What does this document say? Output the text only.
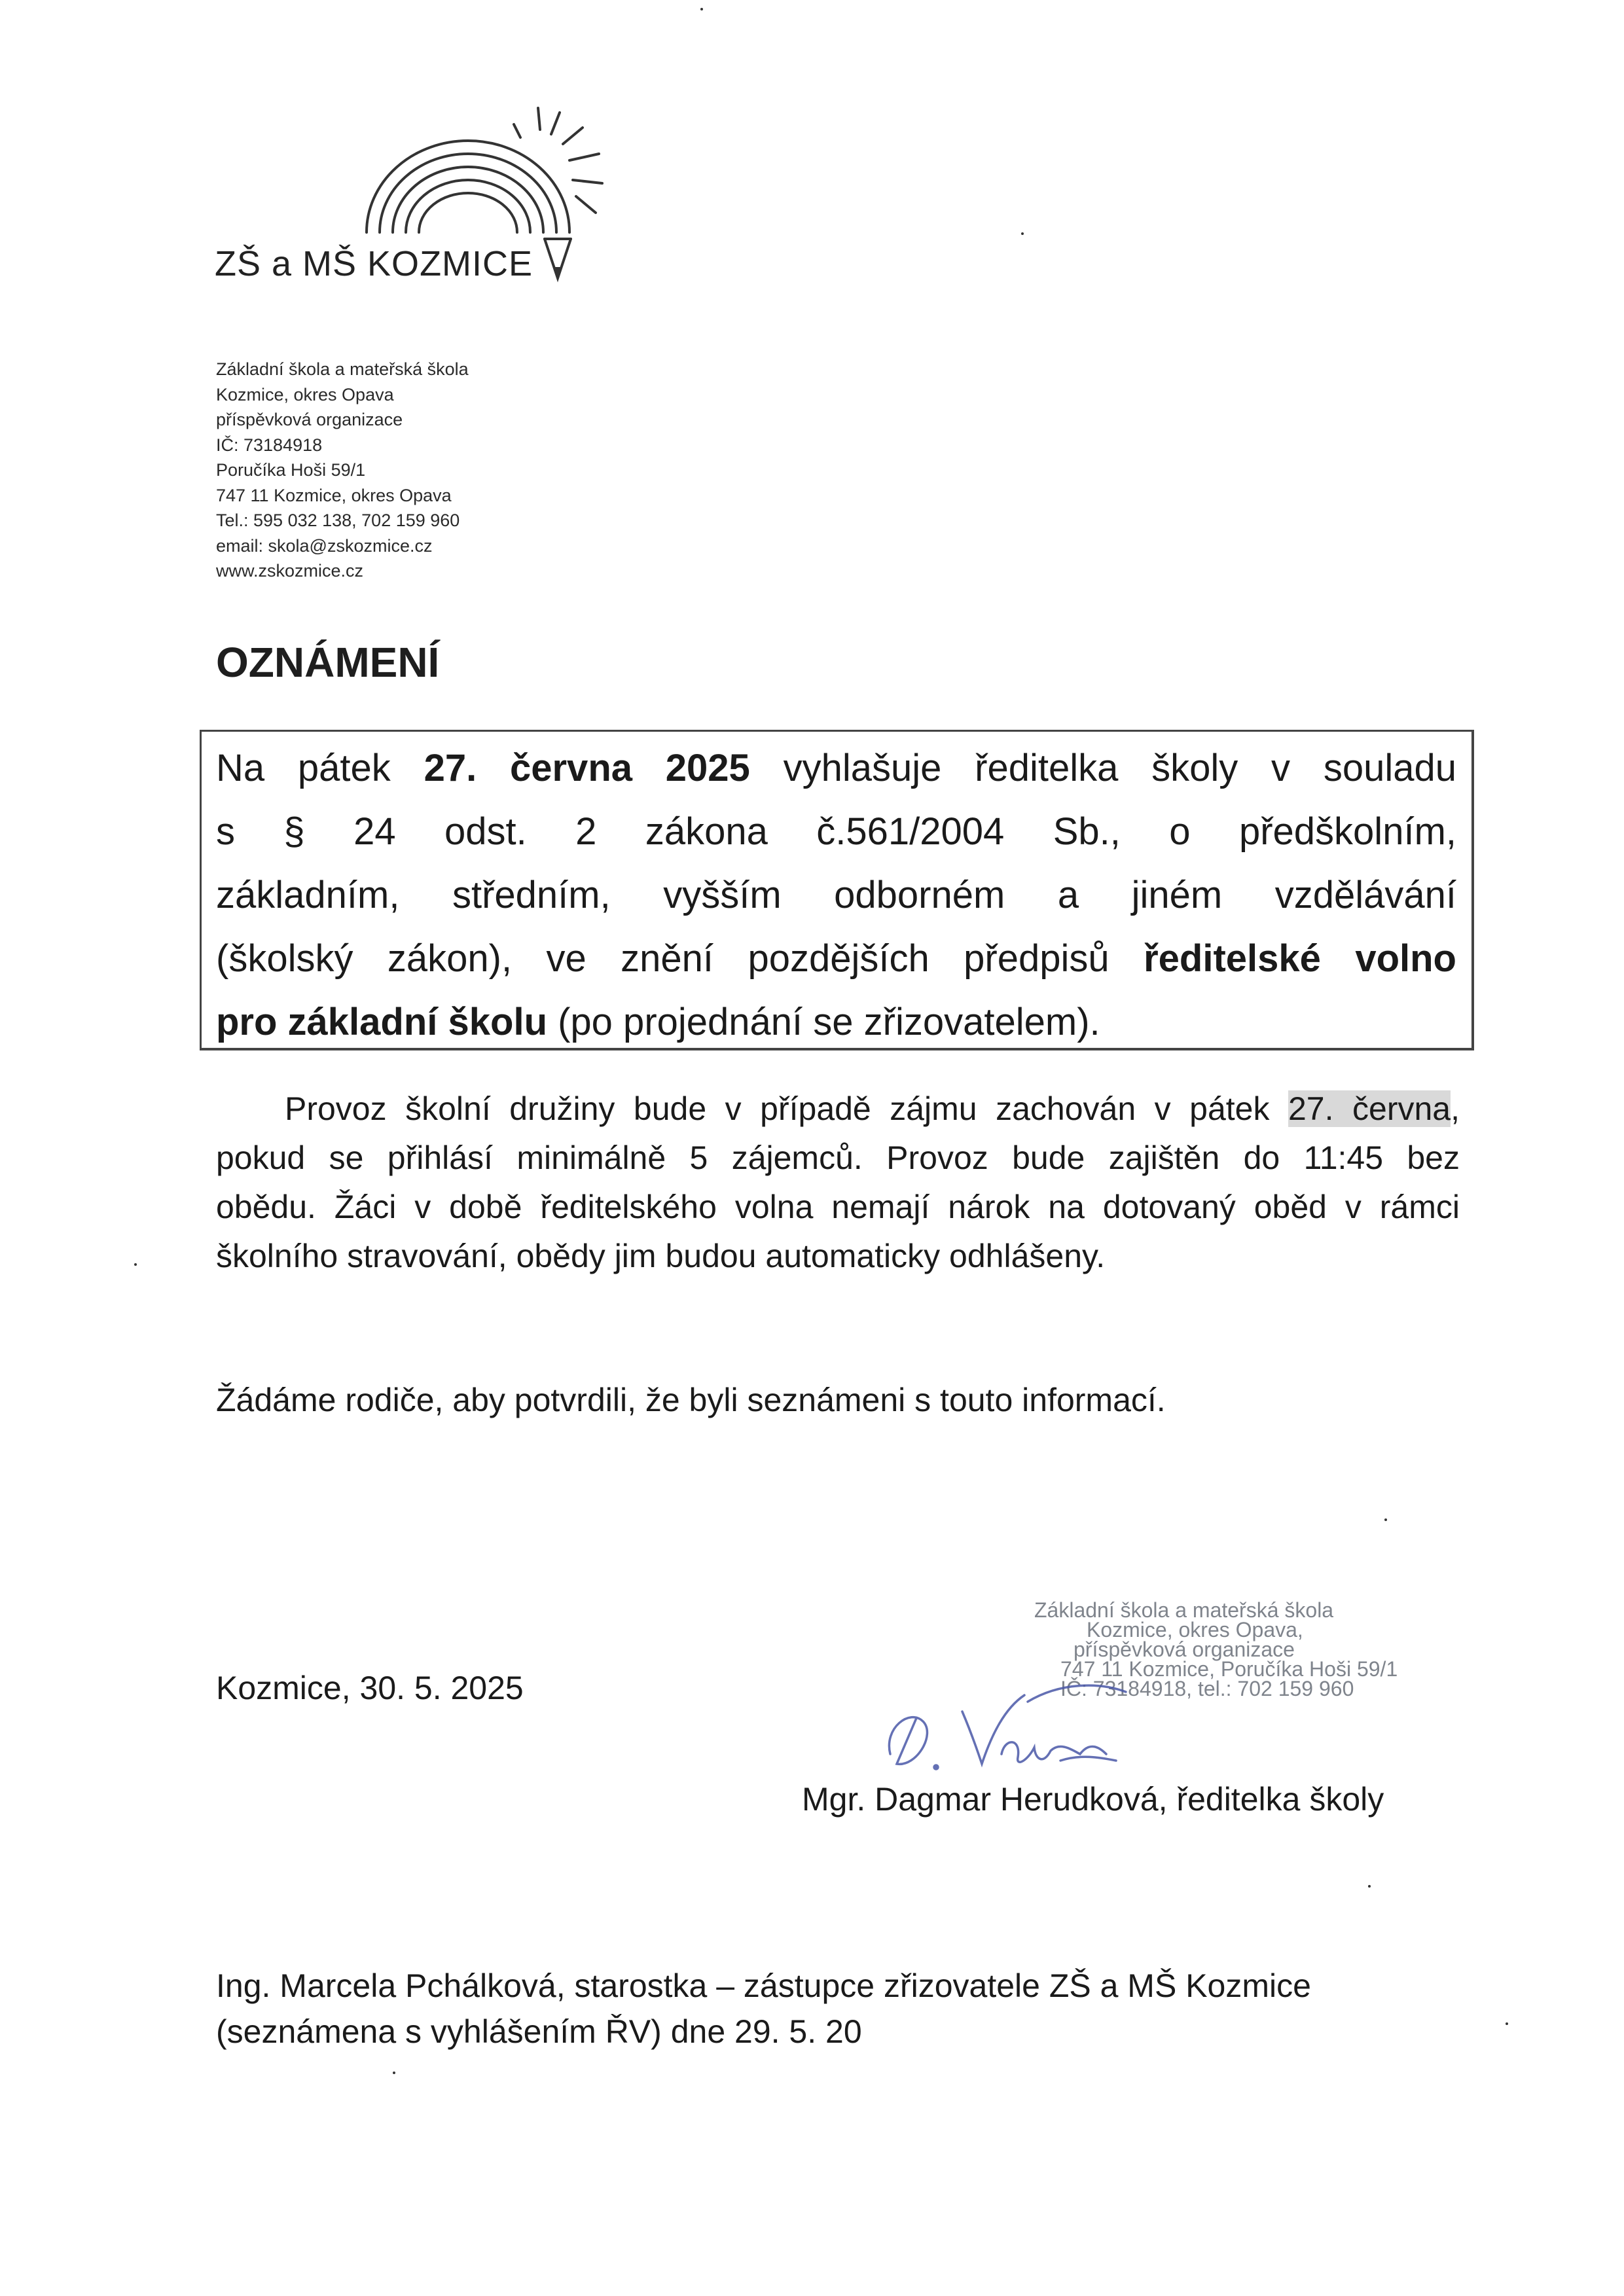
ZŠ a MŠ KOZMICE
Základní škola a mateřská škola
Kozmice, okres Opava
příspěvková organizace
IČ: 73184918
Poručíka Hoši 59/1
747 11 Kozmice, okres Opava
Tel.: 595 032 138, 702 159 960
email: skola@zskozmice.cz
www.zskozmice.cz
OZNÁMENÍ
Na pátek 27. června 2025 vyhlašuje ředitelka školy v souladu
s § 24 odst. 2 zákona č.561/2004 Sb., o předškolním,
základním, středním, vyšším odborném a jiném vzdělávání
(školský zákon), ve znění pozdějších předpisů ředitelské volno
pro základní školu (po projednání se zřizovatelem).
Provoz školní družiny bude v případě zájmu zachován v pátek 27. června,
pokud se přihlásí minimálně 5 zájemců. Provoz bude zajištěn do 11:45 bez
obědu. Žáci v době ředitelského volna nemají nárok na dotovaný oběd v rámci
školního stravování, obědy jim budou automaticky odhlášeny.
Žádáme rodiče, aby potvrdili, že byli seznámeni s touto informací.
Kozmice, 30. 5. 2025
Základní škola a mateřská škola
Kozmice, okres Opava,
příspěvková organizace
747 11 Kozmice, Poručíka Hoši 59/1
IČ: 73184918, tel.: 702 159 960
Mgr. Dagmar Herudková, ředitelka školy
Ing. Marcela Pchálková, starostka – zástupce zřizovatele ZŠ a MŠ Kozmice
(seznámena s vyhlášením ŘV) dne 29. 5. 20
